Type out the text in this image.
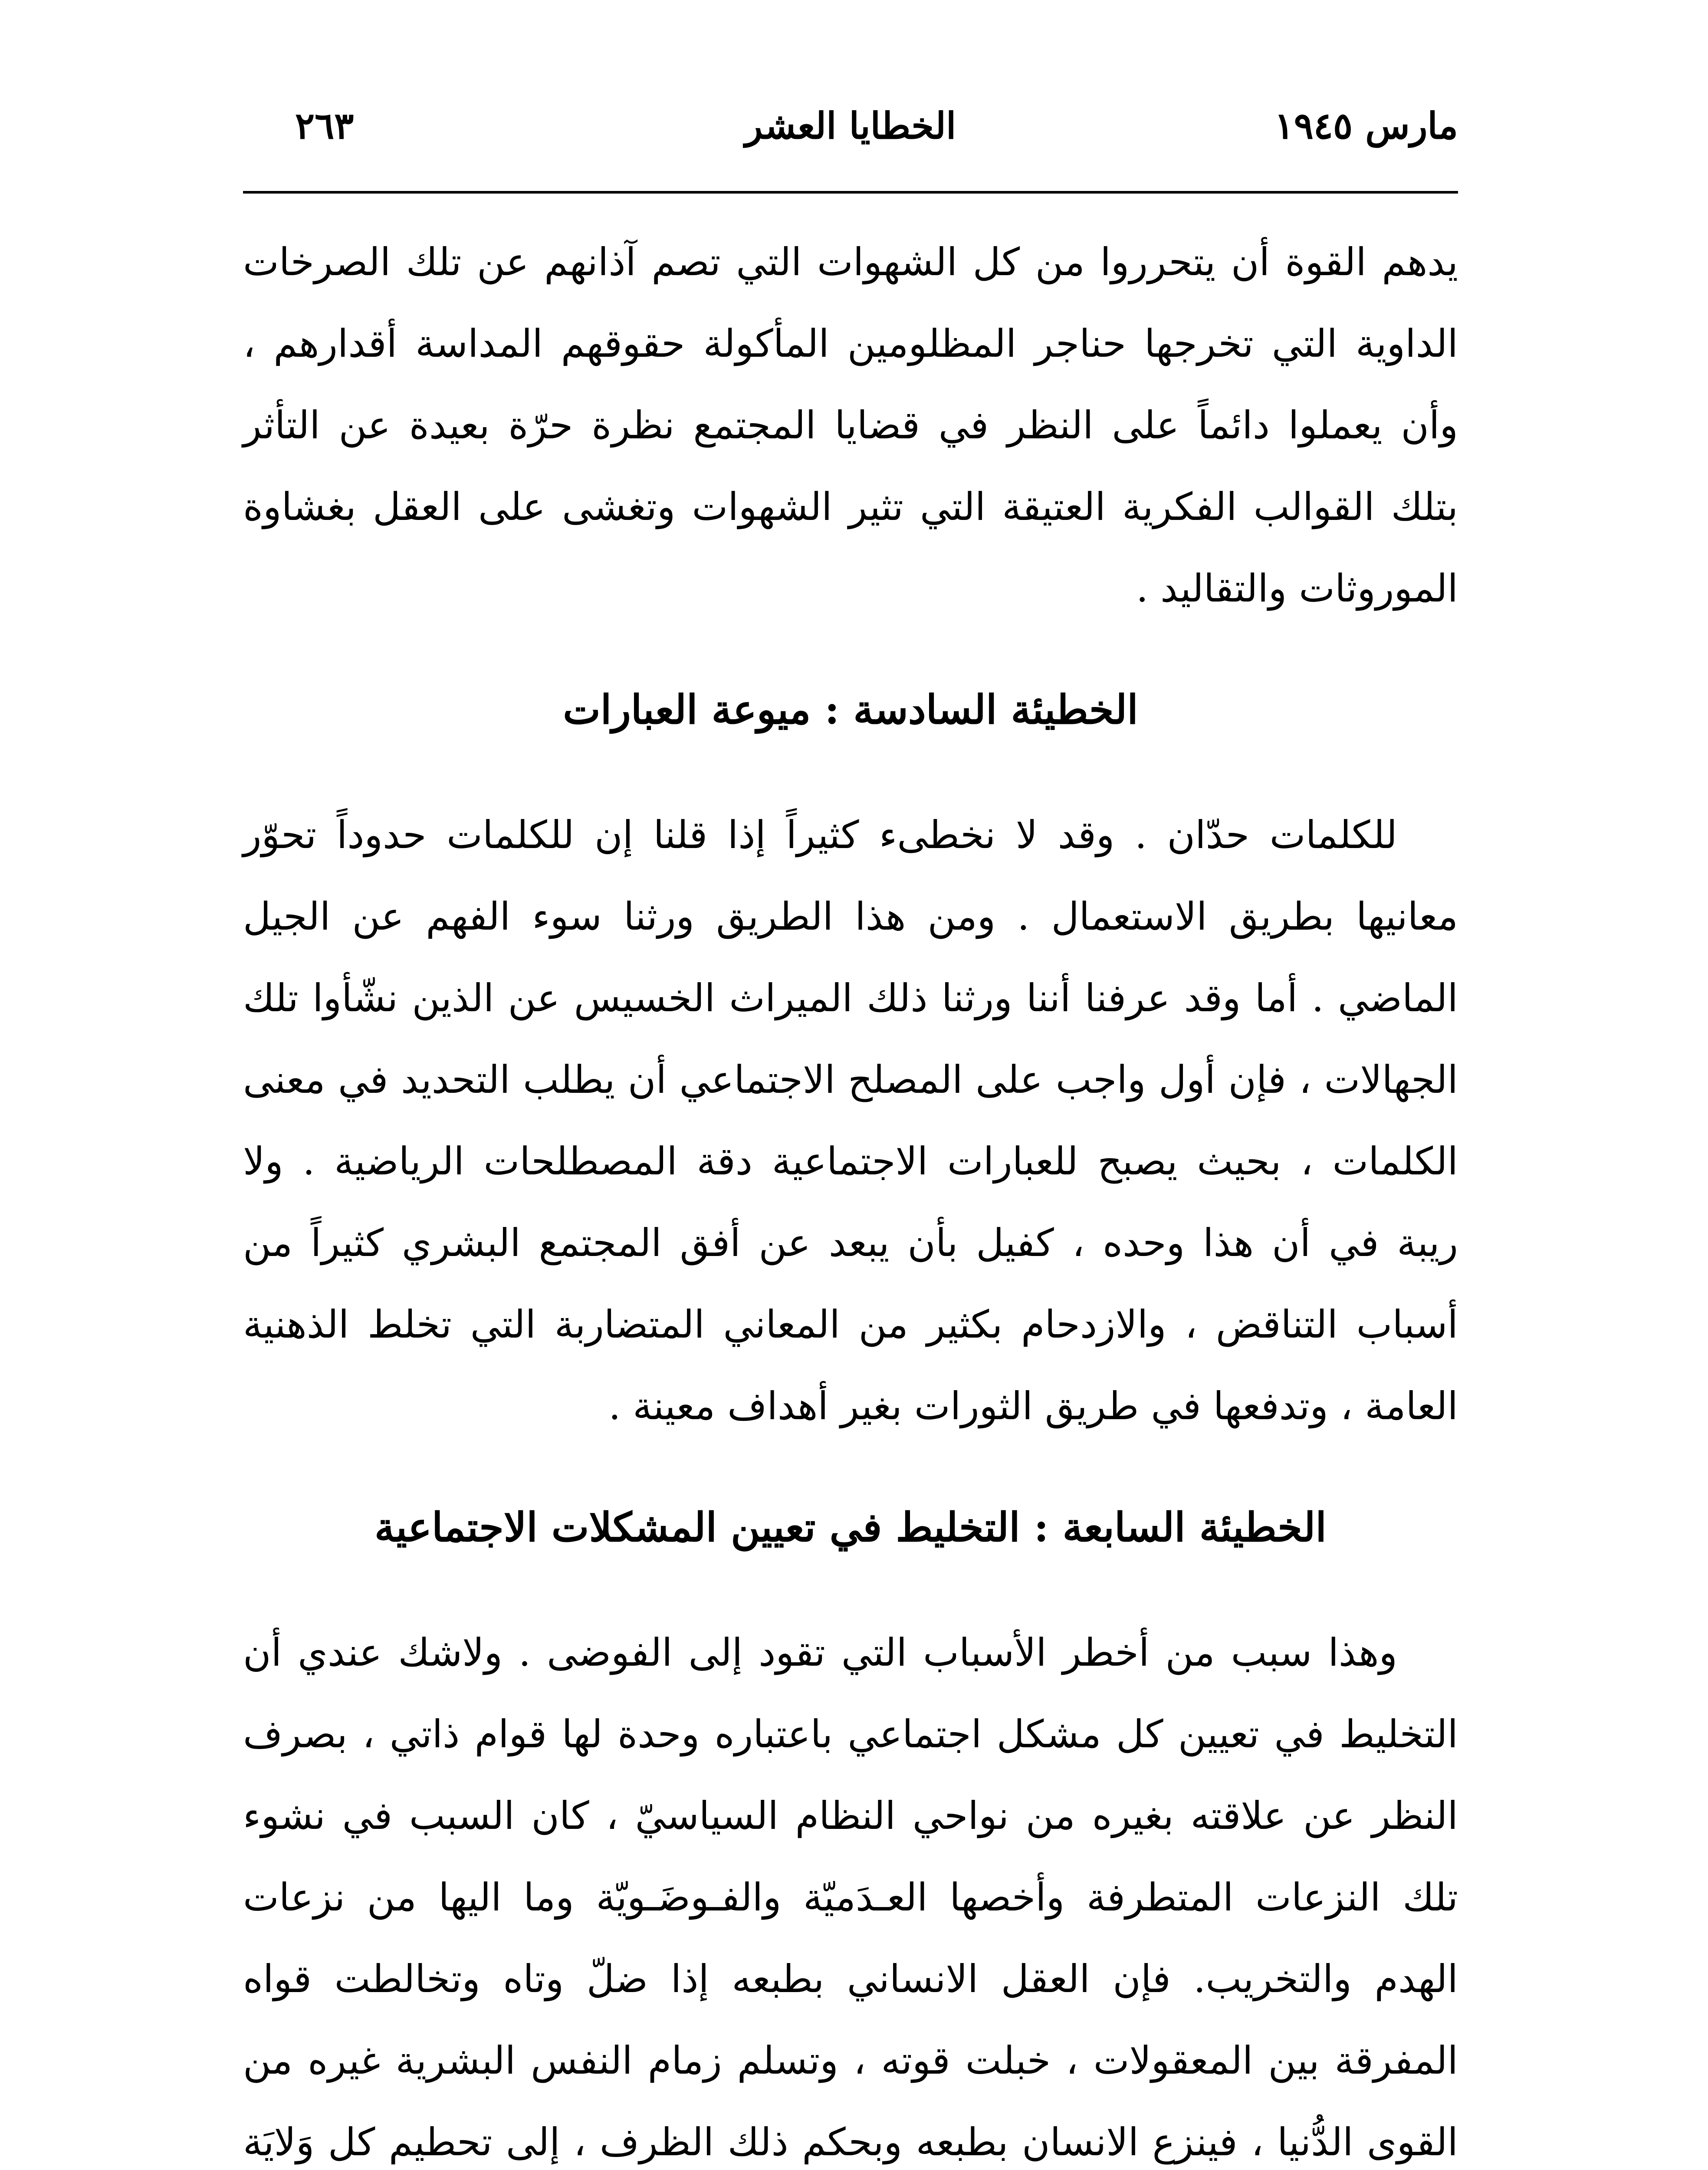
مارس ١٩٤٥
الخطايا العشر
٢٦٣

يدهم القوة أن يتحرروا من كل الشهوات التي تصم آذانهم عن تلك الصرخات الداوية التي تخرجها حناجر المظلومين المأكولة حقوقهم المداسة أقدارهم ، وأن يعملوا دائماً على النظر في قضايا المجتمع نظرة حرّة بعيدة عن التأثر بتلك القوالب الفكرية العتيقة التي تثير الشهوات وتغشى على العقل بغشاوة الموروثات والتقاليد .

الخطيئة السادسة : ميوعة العبارات

للكلمات حدّان . وقد لا نخطىء كثيراً إذا قلنا إن للكلمات حدوداً تحوّر معانيها بطريق الاستعمال . ومن هذا الطريق ورثنا سوء الفهم عن الجيل الماضي . أما وقد عرفنا أننا ورثنا ذلك الميراث الخسيس عن الذين نشّأوا تلك الجهالات ، فإن أول واجب على المصلح الاجتماعي أن يطلب التحديد في معنى الكلمات ، بحيث يصبح للعبارات الاجتماعية دقة المصطلحات الرياضية . ولا ريبة في أن هذا وحده ، كفيل بأن يبعد عن أفق المجتمع البشري كثيراً من أسباب التناقض ، والازدحام بكثير من المعاني المتضاربة التي تخلط الذهنية العامة ، وتدفعها في طريق الثورات بغير أهداف معينة .

الخطيئة السابعة : التخليط في تعيين المشكلات الاجتماعية

وهذا سبب من أخطر الأسباب التي تقود إلى الفوضى . ولاشك عندي أن التخليط في تعيين كل مشكل اجتماعي باعتباره وحدة لها قوام ذاتي ، بصرف النظر عن علاقته بغيره من نواحي النظام السياسيّ ، كان السبب في نشوء تلك النزعات المتطرفة وأخصها العـدَميّة والفـوضَـويّة وما اليها من نزعات الهدم والتخريب. فإن العقل الانساني بطبعه إذا ضلّ وتاه وتخالطت قواه المفرقة بين المعقولات ، خبلت قوته ، وتسلم زمام النفس البشرية غيره من القوى الدُّنيا ، فينزع الانسان بطبعه وبحكم ذلك الظرف ، إلى تحطيم كل وَلايَة
